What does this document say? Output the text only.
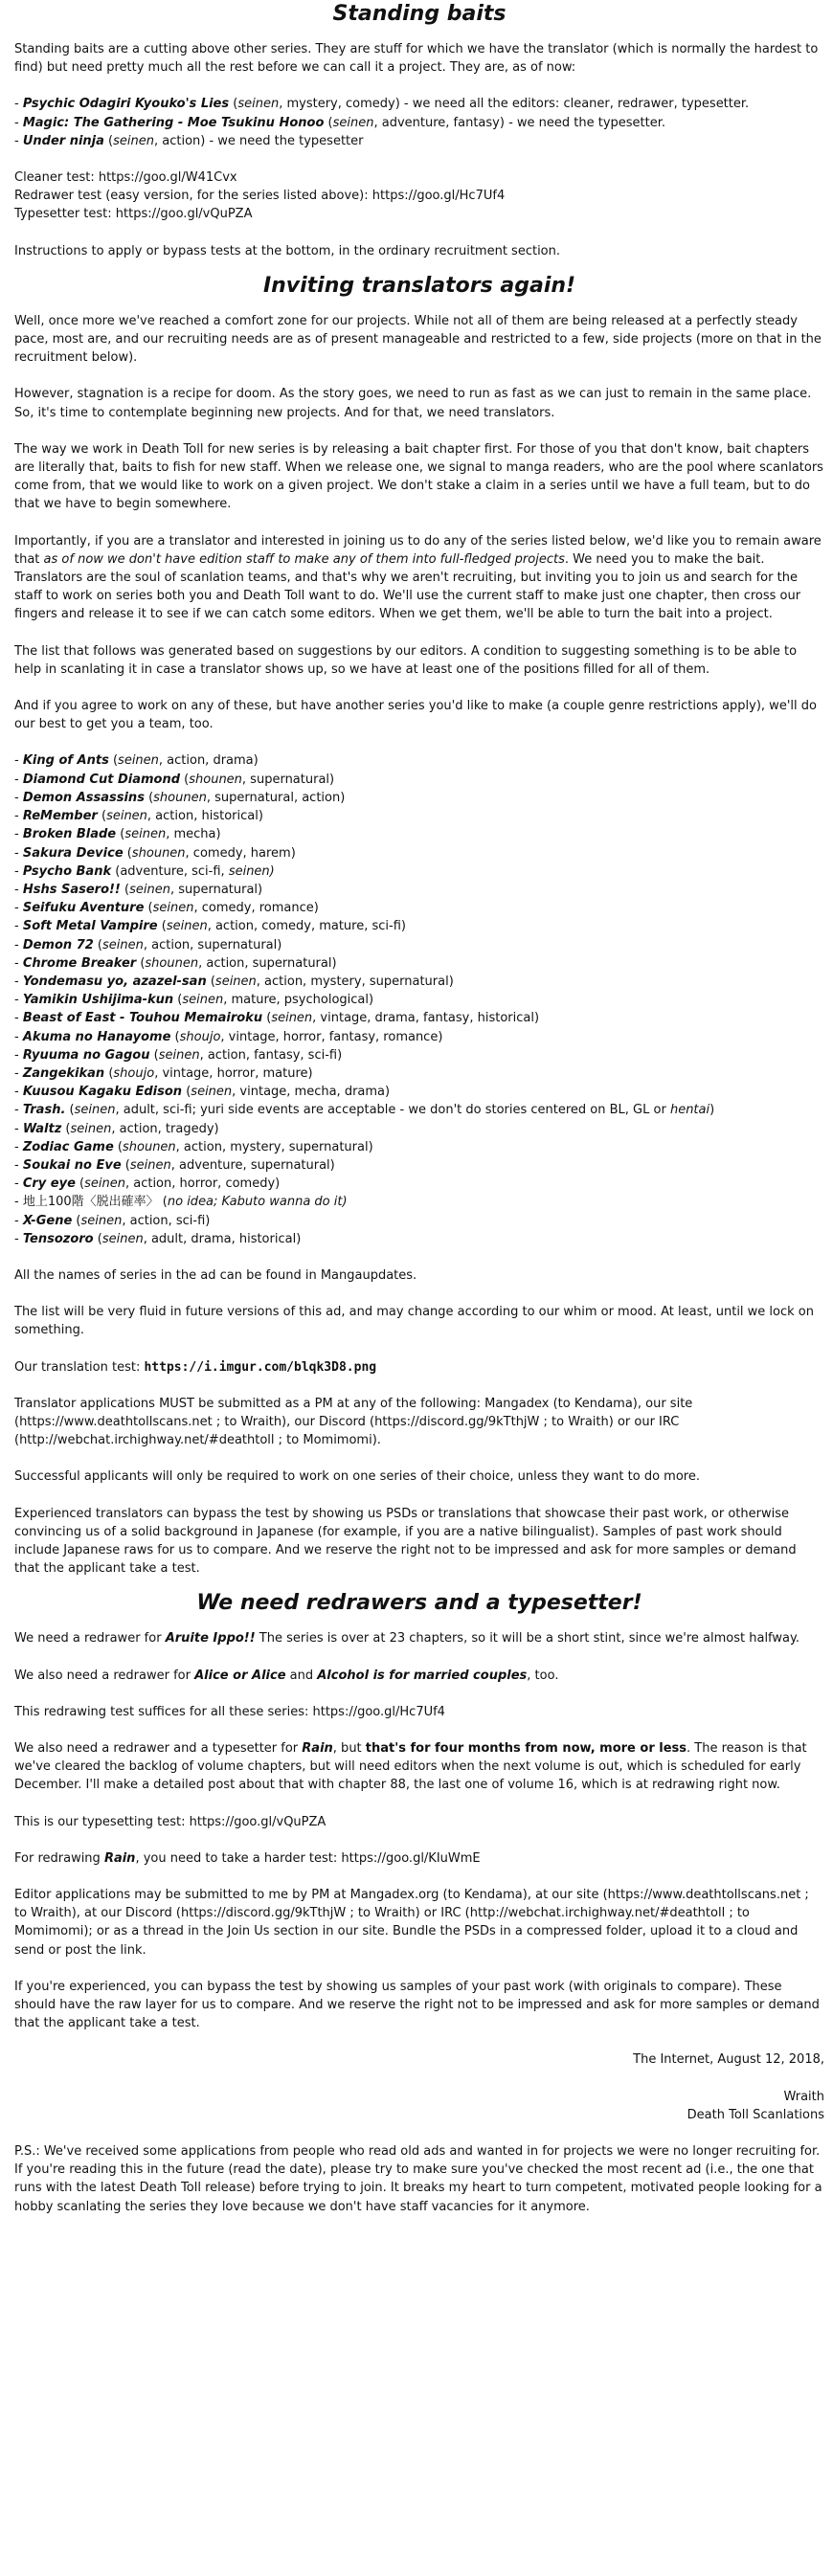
Standing baits

Standing baits are a cutting above other series. They are stuff for which we have the translator (which is normally the hardest to find) but need pretty much all the rest before we can call it a project. They are, as of now:

- Psychic Odagiri Kyouko's Lies (seinen, mystery, comedy) - we need all the editors: cleaner, redrawer, typesetter.
- Magic: The Gathering - Moe Tsukinu Honoo (seinen, adventure, fantasy) - we need the typesetter.
- Under ninja (seinen, action) - we need the typesetter
Cleaner test: https://goo.gl/W41Cvx
Redrawer test (easy version, for the series listed above): https://goo.gl/Hc7Uf4
Typesetter test: https://goo.gl/vQuPZA

Instructions to apply or bypass tests at the bottom, in the ordinary recruitment section.

Inviting translators again!

Well, once more we've reached a comfort zone for our projects. While not all of them are being released at a perfectly steady pace, most are, and our recruiting needs are as of present manageable and restricted to a few, side projects (more on that in the recruitment below).

However, stagnation is a recipe for doom. As the story goes, we need to run as fast as we can just to remain in the same place. So, it's time to contemplate beginning new projects. And for that, we need translators.

The way we work in Death Toll for new series is by releasing a bait chapter first. For those of you that don't know, bait chapters are literally that, baits to fish for new staff. When we release one, we signal to manga readers, who are the pool where scanlators come from, that we would like to work on a given project. We don't stake a claim in a series until we have a full team, but to do that we have to begin somewhere.

Importantly, if you are a translator and interested in joining us to do any of the series listed below, we'd like you to remain aware that as of now we don't have edition staff to make any of them into full-fledged projects. We need you to make the bait. Translators are the soul of scanlation teams, and that's why we aren't recruiting, but inviting you to join us and search for the staff to work on series both you and Death Toll want to do. We'll use the current staff to make just one chapter, then cross our fingers and release it to see if we can catch some editors. When we get them, we'll be able to turn the bait into a project.

The list that follows was generated based on suggestions by our editors. A condition to suggesting something is to be able to help in scanlating it in case a translator shows up, so we have at least one of the positions filled for all of them.

And if you agree to work on any of these, but have another series you'd like to make (a couple genre restrictions apply), we'll do our best to get you a team, too.

- King of Ants (seinen, action, drama)
- Diamond Cut Diamond (shounen, supernatural)
- Demon Assassins (shounen, supernatural, action)
- ReMember (seinen, action, historical)
- Broken Blade (seinen, mecha)
- Sakura Device (shounen, comedy, harem)
- Psycho Bank (adventure, sci-fi, seinen)
- Hshs Sasero!! (seinen, supernatural)
- Seifuku Aventure (seinen, comedy, romance)
- Soft Metal Vampire (seinen, action, comedy, mature, sci-fi)
- Demon 72 (seinen, action, supernatural)
- Chrome Breaker (shounen, action, supernatural)
- Yondemasu yo, azazel-san (seinen, action, mystery, supernatural)
- Yamikin Ushijima-kun (seinen, mature, psychological)
- Beast of East - Touhou Memairoku (seinen, vintage, drama, fantasy, historical)
- Akuma no Hanayome (shoujo, vintage, horror, fantasy, romance)
- Ryuuma no Gagou (seinen, action, fantasy, sci-fi)
- Zangekikan (shoujo, vintage, horror, mature)
- Kuusou Kagaku Edison (seinen, vintage, mecha, drama)
- Trash. (seinen, adult, sci-fi; yuri side events are acceptable - we don't do stories centered on BL, GL or hentai)
- Waltz (seinen, action, tragedy)
- Zodiac Game (shounen, action, mystery, supernatural)
- Soukai no Eve (seinen, adventure, supernatural)
- Cry eye (seinen, action, horror, comedy)
- 地上100階〈脱出確率〉 (no idea; Kabuto wanna do it)
- X-Gene (seinen, action, sci-fi)
- Tensozoro (seinen, adult, drama, historical)

All the names of series in the ad can be found in Mangaupdates.

The list will be very fluid in future versions of this ad, and may change according to our whim or mood. At least, until we lock on something.

Our translation test: https://i.imgur.com/blqk3D8.png

Translator applications MUST be submitted as a PM at any of the following: Mangadex (to Kendama), our site (https://www.deathtollscans.net ; to Wraith), our Discord (https://discord.gg/9kTthjW ; to Wraith) or our IRC (http://webchat.irchighway.net/#deathtoll ; to Momimomi).

Successful applicants will only be required to work on one series of their choice, unless they want to do more.

Experienced translators can bypass the test by showing us PSDs or translations that showcase their past work, or otherwise convincing us of a solid background in Japanese (for example, if you are a native bilingualist). Samples of past work should include Japanese raws for us to compare. And we reserve the right not to be impressed and ask for more samples or demand that the applicant take a test.

We need redrawers and a typesetter!

We need a redrawer for Aruite Ippo!! The series is over at 23 chapters, so it will be a short stint, since we're almost halfway.

We also need a redrawer for Alice or Alice and Alcohol is for married couples, too.

This redrawing test suffices for all these series: https://goo.gl/Hc7Uf4

We also need a redrawer and a typesetter for Rain, but that's for four months from now, more or less. The reason is that we've cleared the backlog of volume chapters, but will need editors when the next volume is out, which is scheduled for early December. I'll make a detailed post about that with chapter 88, the last one of volume 16, which is at redrawing right now.

This is our typesetting test: https://goo.gl/vQuPZA

For redrawing Rain, you need to take a harder test: https://goo.gl/KIuWmE

Editor applications may be submitted to me by PM at Mangadex.org (to Kendama), at our site (https://www.deathtollscans.net ; to Wraith), at our Discord (https://discord.gg/9kTthjW ; to Wraith) or IRC (http://webchat.irchighway.net/#deathtoll ; to Momimomi); or as a thread in the Join Us section in our site. Bundle the PSDs in a compressed folder, upload it to a cloud and send or post the link.

If you're experienced, you can bypass the test by showing us samples of your past work (with originals to compare). These should have the raw layer for us to compare. And we reserve the right not to be impressed and ask for more samples or demand that the applicant take a test.

The Internet, August 12, 2018,

Wraith

Death Toll Scanlations

P.S.: We've received some applications from people who read old ads and wanted in for projects we were no longer recruiting for. If you're reading this in the future (read the date), please try to make sure you've checked the most recent ad (i.e., the one that runs with the latest Death Toll release) before trying to join. It breaks my heart to turn competent, motivated people looking for a hobby scanlating the series they love because we don't have staff vacancies for it anymore.
